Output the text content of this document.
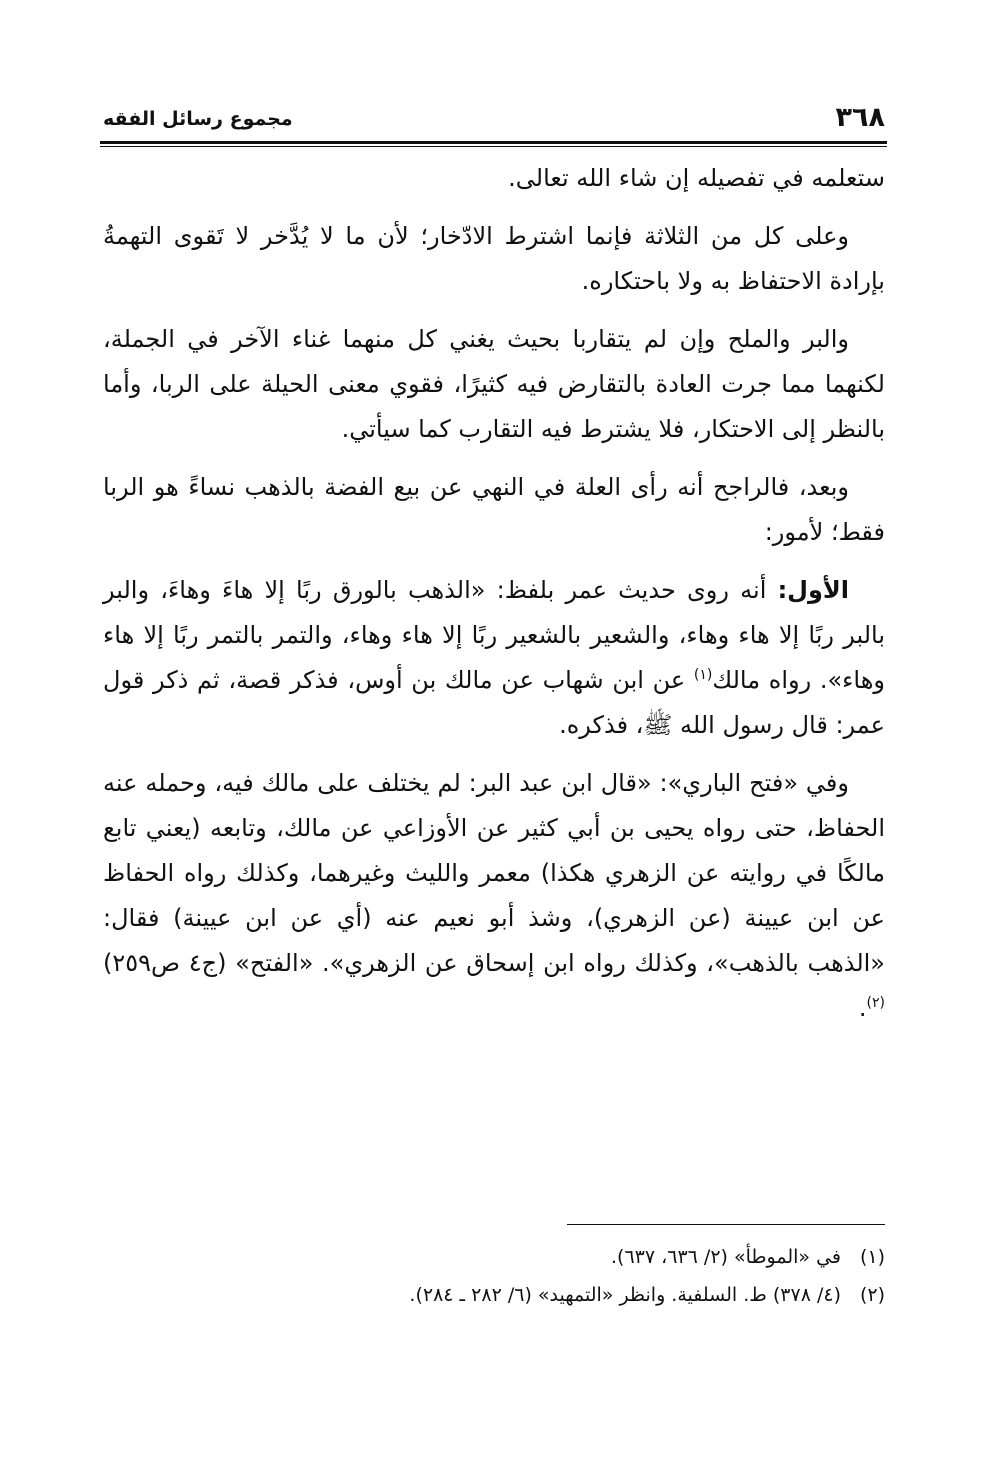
٣٦٨
مجموع رسائل الفقه

ستعلمه في تفصيله إن شاء الله تعالى.

وعلى كل من الثلاثة فإنما اشترط الادّخار؛ لأن ما لا يُدَّخر لا تَقوى التهمةُ بإرادة الاحتفاظ به ولا باحتكاره.

والبر والملح وإن لم يتقاربا بحيث يغني كل منهما غناء الآخر في الجملة، لكنهما مما جرت العادة بالتقارض فيه كثيرًا، فقوي معنى الحيلة على الربا، وأما بالنظر إلى الاحتكار، فلا يشترط فيه التقارب كما سيأتي.

وبعد، فالراجح أنه رأى العلة في النهي عن بيع الفضة بالذهب نساءً هو الربا فقط؛ لأمور:

الأول: أنه روى حديث عمر بلفظ: «الذهب بالورق ربًا إلا هاءَ وهاءَ، والبر بالبر ربًا إلا هاء وهاء، والشعير بالشعير ربًا إلا هاء وهاء، والتمر بالتمر ربًا إلا هاء وهاء». رواه مالك$^{(١)}$ عن ابن شهاب عن مالك بن أوس، فذكر قصة، ثم ذكر قول عمر: قال رسول الله ﷺ، فذكره.

وفي «فتح الباري»: «قال ابن عبد البر: لم يختلف على مالك فيه، وحمله عنه الحفاظ، حتى رواه يحيى بن أبي كثير عن الأوزاعي عن مالك، وتابعه (يعني تابع مالكًا في روايته عن الزهري هكذا) معمر والليث وغيرهما، وكذلك رواه الحفاظ عن ابن عيينة (عن الزهري)، وشذ أبو نعيم عنه (أي عن ابن عيينة) فقال: «الذهب بالذهب»، وكذلك رواه ابن إسحاق عن الزهري». «الفتح» (ج٤ ص٢٥٩)$^{(٢)}$.

(١)في «الموطأ» (٢/ ٦٣٦، ٦٣٧).

(٢)(٤/ ٣٧٨) ط. السلفية. وانظر «التمهيد» (٦/ ٢٨٢ ـ ٢٨٤).
